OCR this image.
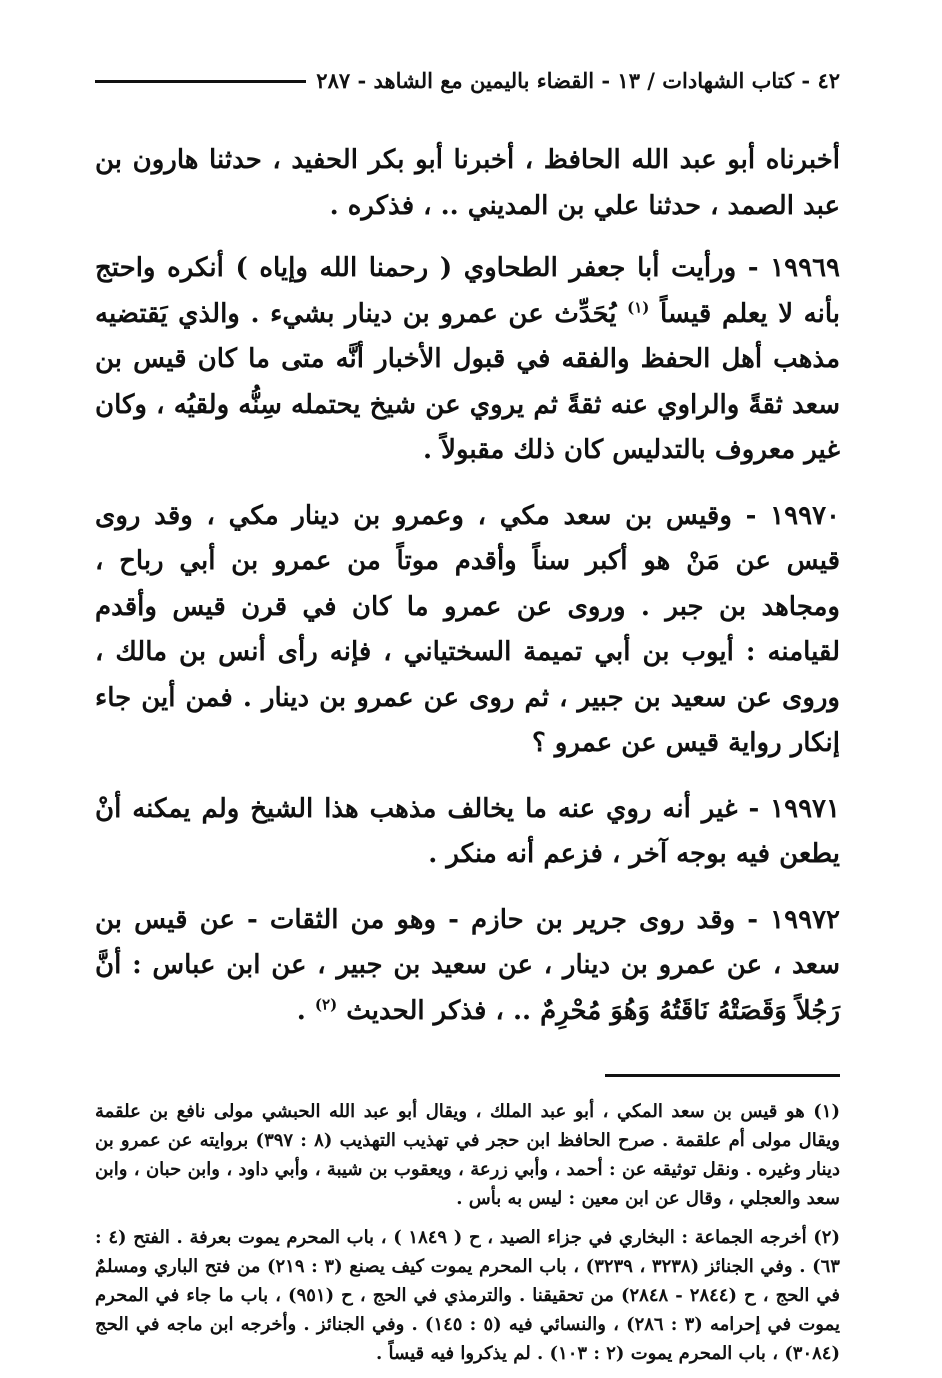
٤٢ - كتاب الشهادات / ١٣ - القضاء باليمين مع الشاهد - ٢٨٧

أخبرناه أبو عبد الله الحافظ ، أخبرنا أبو بكر الحفيد ، حدثنا هارون بن عبد الصمد ، حدثنا علي بن المديني .. ، فذكره .

١٩٩٦٩ - ورأيت أبا جعفر الطحاوي ( رحمنا الله وإياه ) أنكره واحتج بأنه لا يعلم قيساً $^{(١)}$ يُحَدِّث عن عمرو بن دينار بشيء . والذي يَقتضيه مذهب أهل الحفظ والفقه في قبول الأخبار أنَّه متى ما كان قيس بن سعد ثقةً والراوي عنه ثقةً ثم يروي عن شيخ يحتمله سِنُّه ولقيُه ، وكان غير معروف بالتدليس كان ذلك مقبولاً .

١٩٩٧٠ - وقيس بن سعد مكي ، وعمرو بن دينار مكي ، وقد روى قيس عن مَنْ هو أكبر سناً وأقدم موتاً من عمرو بن أبي رباح ، ومجاهد بن جبر . وروى عن عمرو ما كان في قرن قيس وأقدم لقيامنه : أيوب بن أبي تميمة السختياني ، فإنه رأى أنس بن مالك ، وروى عن سعيد بن جبير ، ثم روى عن عمرو بن دينار . فمن أين جاء إنكار رواية قيس عن عمرو ؟

١٩٩٧١ - غير أنه روي عنه ما يخالف مذهب هذا الشيخ ولم يمكنه أنْ يطعن فيه بوجه آخر ، فزعم أنه منكر .

١٩٩٧٢ - وقد روى جرير بن حازم - وهو من الثقات - عن قيس بن سعد ، عن عمرو بن دينار ، عن سعيد بن جبير ، عن ابن عباس : أنَّ رَجُلاً وَقَصَتْهُ نَاقَتُهُ وَهُوَ مُحْرِمٌ .. ، فذكر الحديث $^{(٢)}$ .

(١) هو قيس بن سعد المكي ، أبو عبد الملك ، ويقال أبو عبد الله الحبشي مولى نافع بن علقمة ويقال مولى أم علقمة . صرح الحافظ ابن حجر في تهذيب التهذيب (٨ : ٣٩٧) بروايته عن عمرو بن دينار وغيره . ونقل توثيقه عن : أحمد ، وأبي زرعة ، ويعقوب بن شيبة ، وأبي داود ، وابن حبان ، وابن سعد والعجلي ، وقال عن ابن معين : ليس به بأس .

(٢) أخرجه الجماعة : البخاري في جزاء الصيد ، ح ( ١٨٤٩ ) ، باب المحرم يموت بعرفة . الفتح (٤ : ٦٣) . وفي الجنائز (٣٢٣٨ ، ٣٢٣٩) ، باب المحرم يموت كيف يصنع (٣ : ٢١٩) من فتح الباري ومسلمٌ في الحج ، ح (٢٨٤٤ - ٢٨٤٨) من تحقيقنا . والترمذي في الحج ، ح (٩٥١) ، باب ما جاء في المحرم يموت في إحرامه (٣ : ٢٨٦) ، والنسائي فيه (٥ : ١٤٥) . وفي الجنائز . وأخرجه ابن ماجه في الحج (٣٠٨٤) ، باب المحرم يموت (٢ : ١٠٣) . لم يذكروا فيه قيساً .
